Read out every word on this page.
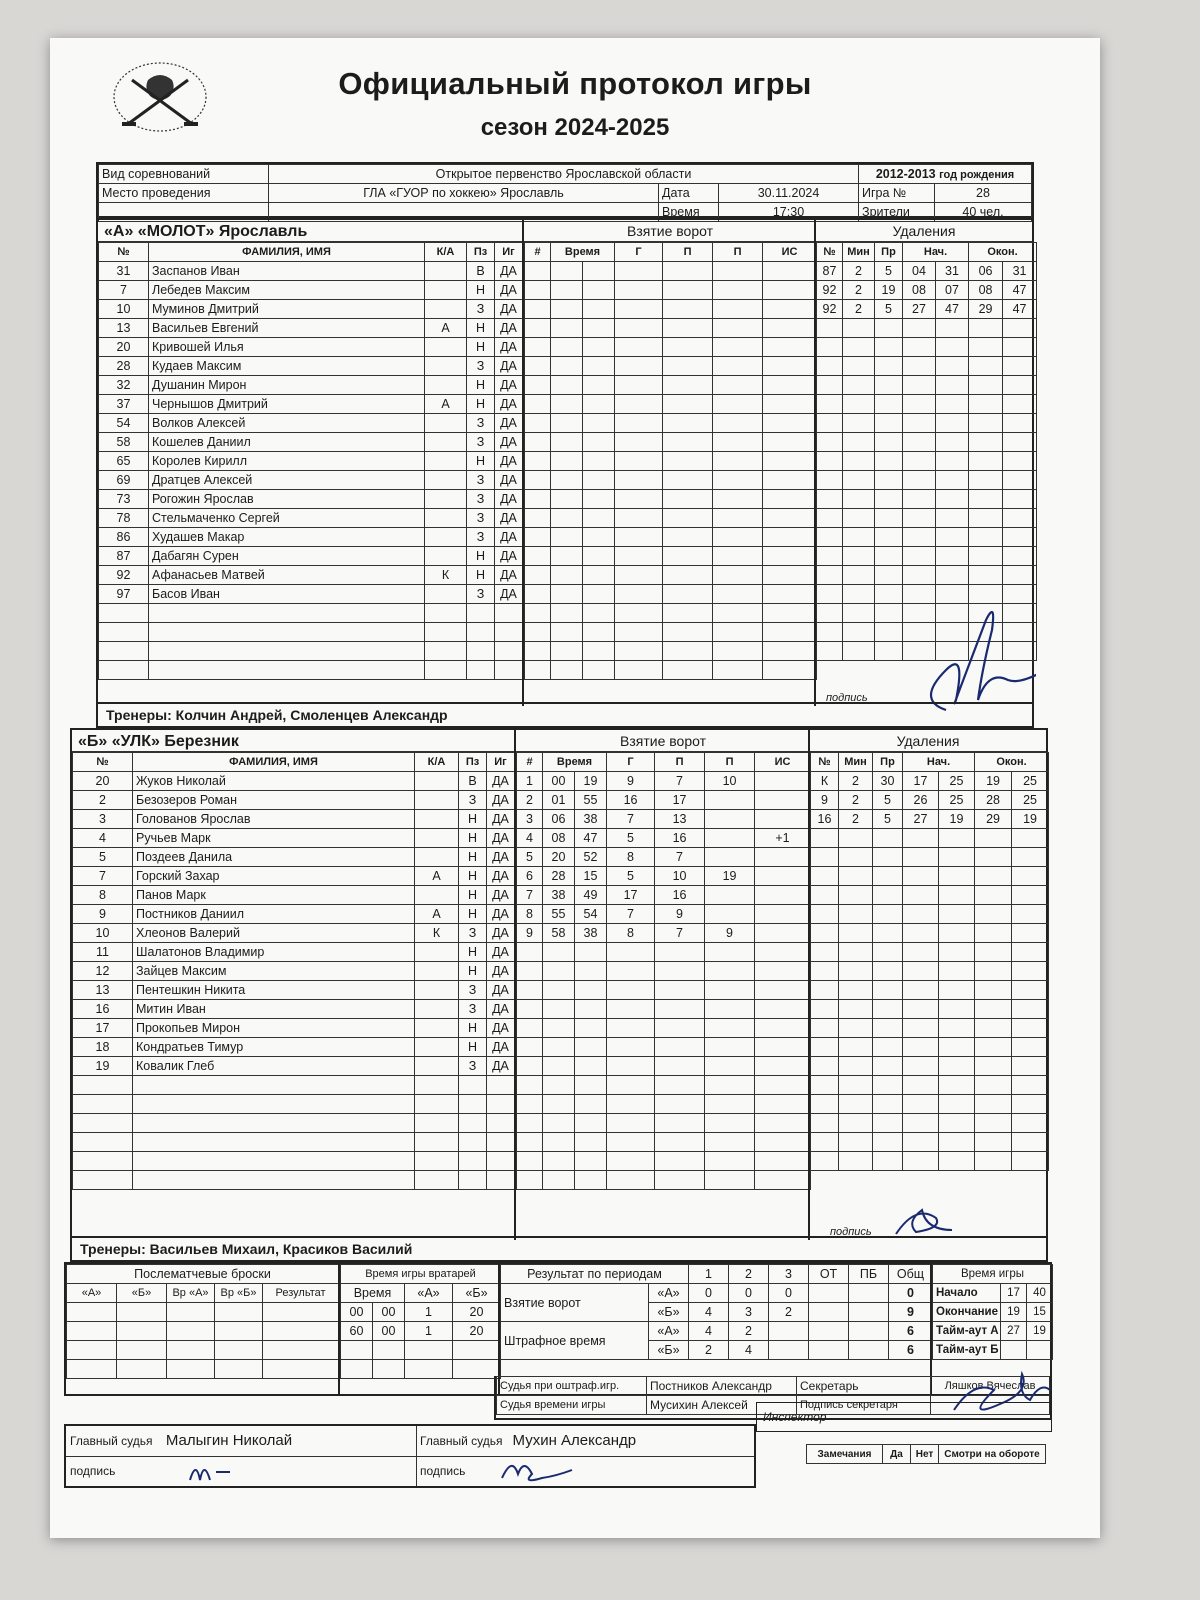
Официальный протокол игры
сезон 2024-2025
Вид соревнований	Открытое первенство Ярославской области			2012-2013 год рождения	
Место проведения	ГЛА «ГУОР по хоккею» Ярославль	Дата	30.11.2024	Игра №	28
		Время	17:30	Зрители	40 чел.
«А» «МОЛОТ» Ярославль
№	ФАМИЛИЯ, ИМЯ	К/А	Пз	Иг
31	Заспанов Иван		В	ДА
7	Лебедев Максим		Н	ДА
10	Муминов Дмитрий		З	ДА
13	Васильев Евгений	А	Н	ДА
20	Кривошей Илья		Н	ДА
28	Кудаев Максим		З	ДА
32	Душанин Мирон		Н	ДА
37	Чернышов Дмитрий	А	Н	ДА
54	Волков Алексей		З	ДА
58	Кошелев Даниил		З	ДА
65	Королев Кирилл		Н	ДА
69	Дратцев Алексей		З	ДА
73	Рогожин Ярослав		З	ДА
78	Стельмаченко Сергей		З	ДА
86	Худашев Макар		З	ДА
87	Дабагян Сурен		Н	ДА
92	Афанасьев Матвей	К	Н	ДА
97	Басов Иван		З	ДА

Взятие ворот
#	Время		Г	П	П	ИС

Удаления
№	Мин	Пр	Нач.		Окон.	
87	2	5	04	31	06	31
92	2	19	08	07	08	47
92	2	5	27	47	29	47

подпись
Тренеры: Колчин Андрей, Смоленцев Александр
«Б» «УЛК» Березник
№	ФАМИЛИЯ, ИМЯ	К/А	Пз	Иг
20	Жуков Николай		В	ДА
2	Безозеров Роман		З	ДА
3	Голованов Ярослав		Н	ДА
4	Ручьев Марк		Н	ДА
5	Поздеев Данила		Н	ДА
7	Горский Захар	А	Н	ДА
8	Панов Марк		Н	ДА
9	Постников Даниил	А	Н	ДА
10	Хлеонов Валерий	К	З	ДА
11	Шалатонов Владимир		Н	ДА
12	Зайцев Максим		Н	ДА
13	Пентешкин Никита		З	ДА
16	Митин Иван		З	ДА
17	Прокопьев Мирон		Н	ДА
18	Кондратьев Тимур		Н	ДА
19	Ковалик Глеб		З	ДА

Взятие ворот
#	Время		Г	П	П	ИС
1	00	19	9	7	10	
2	01	55	16	17		
3	06	38	7	13		
4	08	47	5	16		+1
5	20	52	8	7		
6	28	15	5	10	19	
7	38	49	17	16		
8	55	54	7	9		
9	58	38	8	7	9	

Удаления
№	Мин	Пр	Нач.		Окон.	
К	2	30	17	25	19	25
9	2	5	26	25	28	25
16	2	5	27	19	29	19

подпись
Тренеры: Васильев Михаил, Красиков Василий
Послематчевые броски				
«А»	«Б»	Вр «А»	Вр «Б»	Результат

Время игры вратарей			
Время		«А»	«Б»
00	00	1	20
60	00	1	20

Результат по периодам		1	2	3	ОТ	ПБ	Общ
Взятие ворот	«А»	0	0	0			0
	«Б»	4	3	2			9
Штрафное время	«А»	4	2				6
	«Б»	2	4				6
Время игры		
Начало	17	40
Окончание	19	15
Тайм-аут А	27	19
Тайм-аут Б		
Судья при оштраф.игр.	Постников Александр	Секретарь	Ляшков Вячеслав
Судья времени игры	Мусихин Алексей	Подпись секретаря	
Главный судья Малыгин Николай
подпись
Главный судья Мухин Александр
подпись
Инспектор
Замечания	Да	Нет	Смотри на обороте
